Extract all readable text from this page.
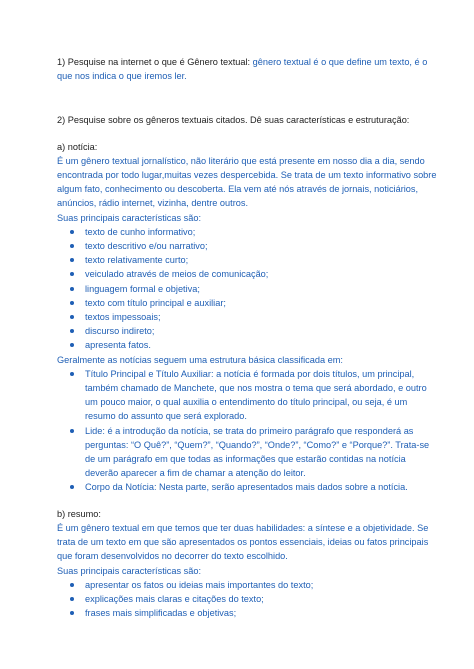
1) Pesquise na internet o que é Gênero textual: gênero textual é o que define um texto, é o que nos indica o que iremos ler.

2) Pesquise sobre os gêneros textuais citados. Dê suas características e estruturação:

a) notícia:

É um gênero textual jornalístico, não literário que está presente em nosso dia a dia, sendo encontrada por todo lugar,muitas vezes despercebida. Se trata de um texto informativo sobre algum fato, conhecimento ou descoberta. Ela vem até nós através de jornais, noticiários, anúncios, rádio internet, vizinha, dentre outros.

Suas principais características são:

texto de cunho informativo;
texto descritivo e/ou narrativo;
texto relativamente curto;
veiculado através de meios de comunicação;
linguagem formal e objetiva;
texto com título principal e auxiliar;
textos impessoais;
discurso indireto;
apresenta fatos.

Geralmente as notícias seguem uma estrutura básica classificada em:

Título Principal e Título Auxiliar: a notícia é formada por dois títulos, um principal, também chamado de Manchete, que nos mostra o tema que será abordado, e outro um pouco maior, o qual auxilia o entendimento do título principal, ou seja, é um resumo do assunto que será explorado.
Lide: é a introdução da notícia, se trata do primeiro parágrafo que responderá as perguntas: “O Quê?”, “Quem?”, “Quando?”, “Onde?”, “Como?” e “Porque?”. Trata-se de um parágrafo em que todas as informações que estarão contidas na notícia deverão aparecer a fim de chamar a atenção do leitor.
Corpo da Notícia: Nesta parte, serão apresentados mais dados sobre a notícia.

b) resumo:

É um gênero textual em que temos que ter duas habilidades: a síntese e a objetividade. Se trata de um texto em que são apresentados os pontos essenciais, ideias ou fatos principais que foram desenvolvidos no decorrer do texto escolhido.

Suas principais características são:

apresentar os fatos ou ideias mais importantes do texto;
explicações mais claras e citações do texto;
frases mais simplificadas e objetivas;
